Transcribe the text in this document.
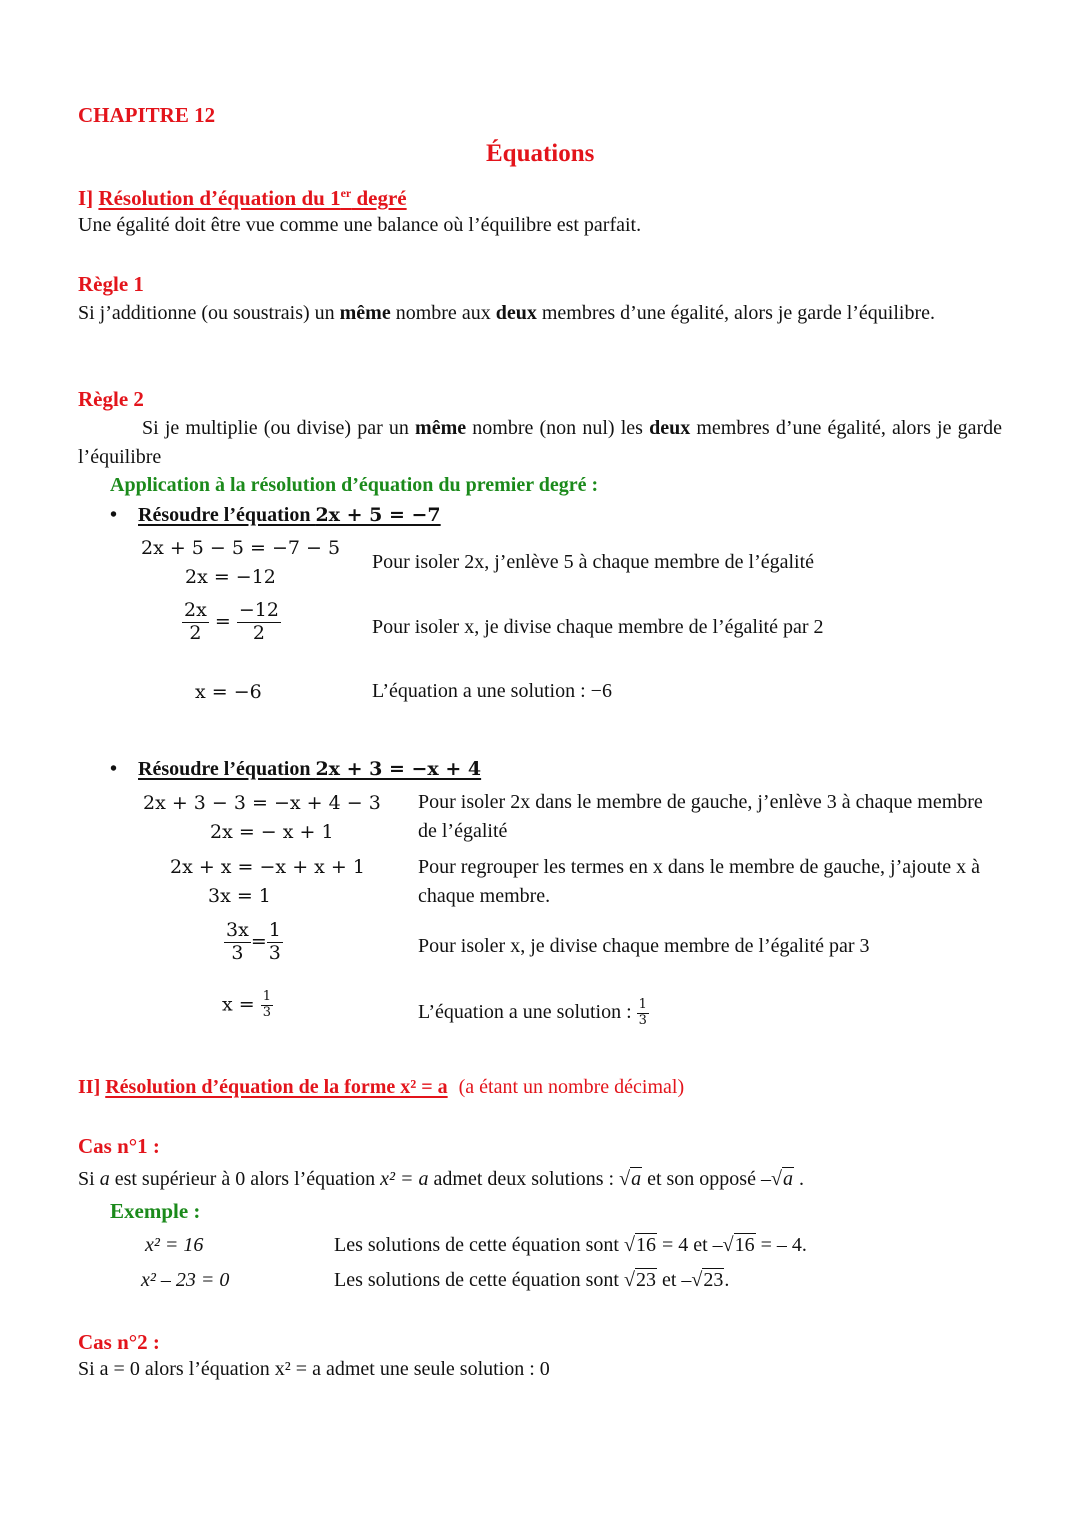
CHAPITRE 12
Équations
I] Résolution d’équation du 1er degré
Une égalité doit être vue comme une balance où l’équilibre est parfait.
Règle 1
Si j’additionne (ou soustrais) un même nombre aux deux membres d’une égalité, alors je garde l’équilibre.
Règle 2
Si je multiplie (ou divise) par un même nombre (non nul) les deux membres d’une égalité, alors je garde l’équilibre
Application à la résolution d’équation du premier degré :
• Résoudre l’équation 2x + 5 = −7
2x + 5 − 5 = −7 − 5
2x = −12
$\frac{2x}{2} = \frac{-12}{2}$
x = −6
Pour isoler 2x, j’enlève 5 à chaque membre de l’égalité
Pour isoler x, je divise chaque membre de l’égalité par 2
L’équation a une solution : −6
• Résoudre l’équation 2x + 3 = −x + 4
2x + 3 − 3 = −x + 4 − 3
2x = − x + 1
2x + x = −x + x + 1
3x = 1
$\frac{3x}{3} = \frac{1}{3}$
$x = \frac{1}{3}$
Pour isoler 2x dans le membre de gauche, j’enlève 3 à chaque membre
de l’égalité
Pour regrouper les termes en x dans le membre de gauche, j’ajoute x à
chaque membre.
Pour isoler x, je divise chaque membre de l’égalité par 3
L’équation a une solution : $\frac{1}{3}$
II] Résolution d’équation de la forme x² = a (a étant un nombre décimal)
Cas n°1 :
Si a est supérieur à 0 alors l’équation x² = a admet deux solutions : √a et son opposé –√a .
Exemple :
x² = 16	Les solutions de cette équation sont √16 = 4 et –√16 = – 4.
x² – 23 = 0	Les solutions de cette équation sont √23 et –√23.
Cas n°2 :
Si a = 0 alors l’équation x² = a admet une seule solution : 0
